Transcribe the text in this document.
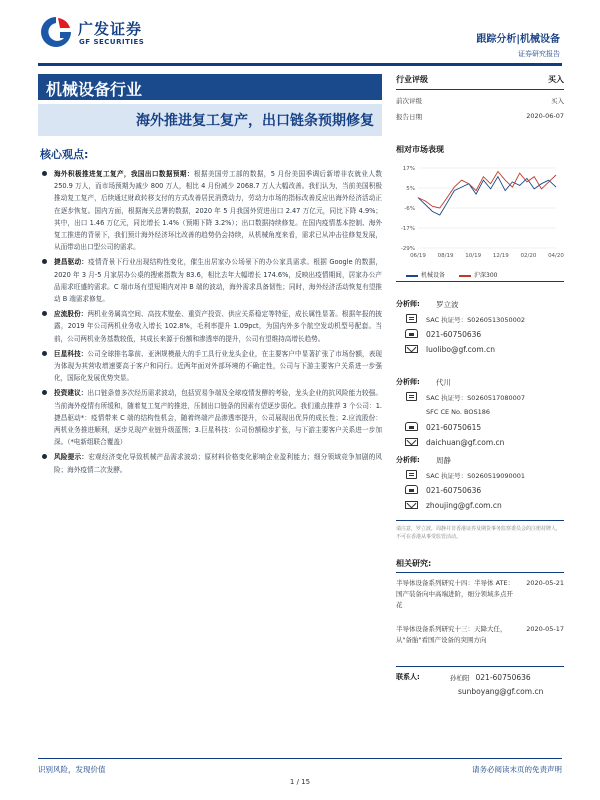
广发证券
GF SECURITIES	跟踪分析|机械设备
证券研究报告
机械设备行业
海外推进复工复产，出口链条预期修复
核心观点:
海外积极推进复工复产，我国出口数据预期：根据美国劳工部的数据，5 月份美国季调后新增非农就业人数 250.9 万人，而市场预期为减少 800 万人，相比 4 月份减少 2068.7 万人大幅改善。我们认为，当前美国积极推动复工复产，后续通过财政转移支付的方式改善居民消费动力，劳动力市场的指标改善反应出海外经济活动正在逐步恢复。国内方面，根据海关总署的数据，2020 年 5 月我国外贸进出口 2.47 万亿元，同比下降 4.9%；其中，出口 1.46 万亿元，同比增长 1.4%（预期下降 3.2%）；出口数据持续修复。在国内疫情基本控制、海外复工推进的背景下，我们预计海外经济环比改善的趋势仍会持续，从机械角度来看，需求已从冲击往修复发展，从而带动出口型公司的需求。
捷昌驱动：疫情背景下行业出现结构性变化，催生出居家办公场景下的办公家具需求。根据 Google 的数据，2020 年 3 月-5 月家居办公桌的搜索指数为 83.6，相比去年大幅增长 174.6%，反映出疫情期间，居家办公产品需求旺盛的需求。C 端市场有望短期内对冲 B 端的波动，海外需求具备韧性；同时，海外经济活动恢复有望推动 B 端需求修复。
应流股份：两机业务属高空间、高技术壁垒、重资产投资、供应关系稳定等特征，成长属性显著。根据年报的披露，2019 年公司两机业务收入增长 102.8%，毛利率提升 1.09pct，为国内外多个航空发动机型号配套。当前，公司两机业务基数较低，其成长来源于份额和渗透率的提升，公司有望维持高增长趋势。
巨星科技：公司全球排名靠前、亚洲规模最大的手工具行业龙头企业，在主要客户中显著扩张了市场份额，表现为体现为其营收增速要高于客户和同行。近两年面对外部环境的不确定性，公司与下游主要客户关系进一步强化，国际化发展优势突显。
投资建议：出口链条曾多次经历需求波动，包括贸易争端及全球疫情发酵的考验，龙头企业的抗风险能力较强。当前海外疫情有所缓和，随着复工复产的推进，压制出口链条的因素有望逐步弱化。我们重点推荐 3 个公司：1.捷昌驱动*：疫情带来 C 端的结构性机会，随着终端产品渗透率提升，公司展现出优异的成长性；2.应流股份：两机业务推进顺利，逐步兑现产业链升级蓝图；3.巨星科技：公司份额稳步扩张，与下游主要客户关系进一步加深。（*电新组联合覆盖）
风险提示：宏观经济变化导致机械产品需求波动；原材料价格变化影响企业盈利能力；细分领域竞争加剧的风险；海外疫情二次发酵。
行业评级	买入
前次评级	买入
报告日期	2020-06-07
相对市场表现
17%
5%
-6%
-17%
-29%
06/19 08/19 10/19 12/19 02/20 04/20
机械设备	沪深300
分析师:	罗立波
SAC 执证号：S0260513050002
021-60750636
luolibo@gf.com.cn
分析师:	代川
SAC 执证号：S0260517080007
SFC CE No. BOS186
021-60750615
daichuan@gf.com.cn
分析师:	周静
SAC 执证号：S0260519090001
021-60750636
zhoujing@gf.com.cn
请注意，罗立波，周静并非香港证券及期货事务监察委员会的注册持牌人，不可在香港从事受监管活动。
相关研究:
半导体设备系列研究十四：半导体 ATE：国产装备向中高端进阶，细分领域多点开花
2020-05-21
半导体设备系列研究十三：天降大任，从"备胎"看国产设备的突围方向
2020-05-17
联系人:	孙柏阳 021-60750636
sunboyang@gf.com.cn
识别风险，发现价值	请务必阅读末页的免责声明
1 / 15
